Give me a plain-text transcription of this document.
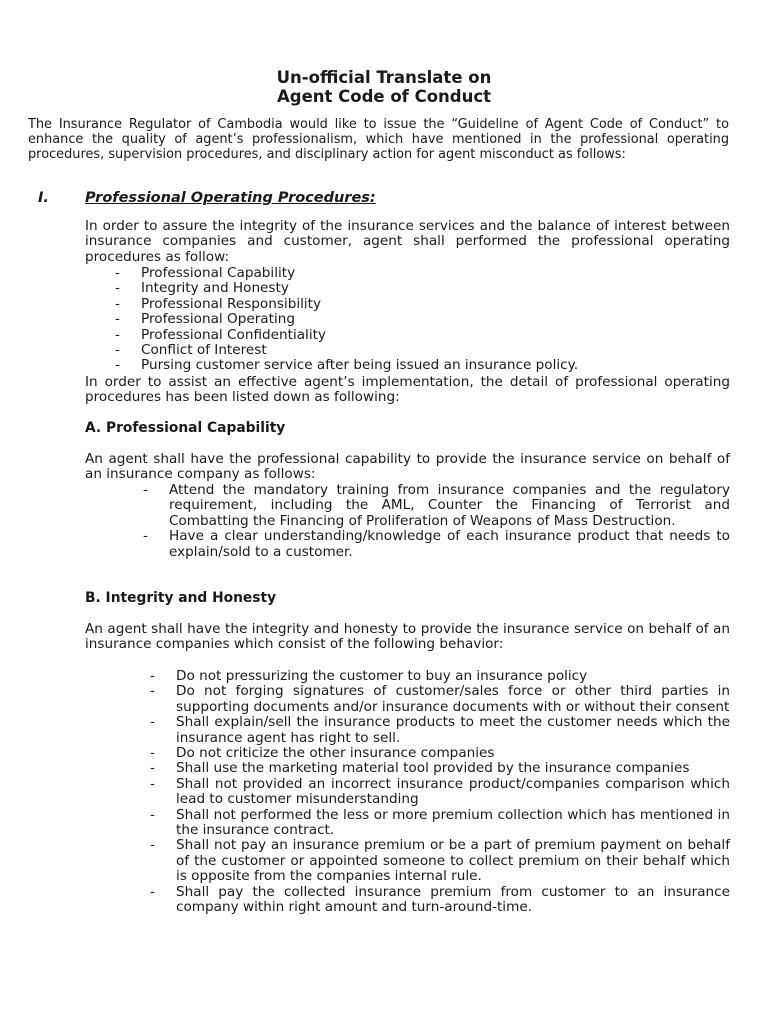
Un-official Translate on
Agent Code of Conduct
The Insurance Regulator of Cambodia would like to issue the “Guideline of Agent Code of Conduct” to enhance the quality of agent’s professionalism, which have mentioned in the professional operating procedures, supervision procedures, and disciplinary action for agent misconduct as follows:
I. Professional Operating Procedures:
In order to assure the integrity of the insurance services and the balance of interest between insurance companies and customer, agent shall performed the professional operating procedures as follow:
- Professional Capability
- Integrity and Honesty
- Professional Responsibility
- Professional Operating
- Professional Confidentiality
- Conflict of Interest
- Pursing customer service after being issued an insurance policy.
In order to assist an effective agent’s implementation, the detail of professional operating procedures has been listed down as following:
A. Professional Capability
An agent shall have the professional capability to provide the insurance service on behalf of an insurance company as follows:
- Attend the mandatory training from insurance companies and the regulatory requirement, including the AML, Counter the Financing of Terrorist and Combatting the Financing of Proliferation of Weapons of Mass Destruction.
- Have a clear understanding/knowledge of each insurance product that needs to explain/sold to a customer.
B. Integrity and Honesty
An agent shall have the integrity and honesty to provide the insurance service on behalf of an insurance companies which consist of the following behavior:
- Do not pressurizing the customer to buy an insurance policy
- Do not forging signatures of customer/sales force or other third parties in supporting documents and/or insurance documents with or without their consent
- Shall explain/sell the insurance products to meet the customer needs which the insurance agent has right to sell.
- Do not criticize the other insurance companies
- Shall use the marketing material tool provided by the insurance companies
- Shall not provided an incorrect insurance product/companies comparison which lead to customer misunderstanding
- Shall not performed the less or more premium collection which has mentioned in the insurance contract.
- Shall not pay an insurance premium or be a part of premium payment on behalf of the customer or appointed someone to collect premium on their behalf which is opposite from the companies internal rule.
- Shall pay the collected insurance premium from customer to an insurance company within right amount and turn-around-time.
